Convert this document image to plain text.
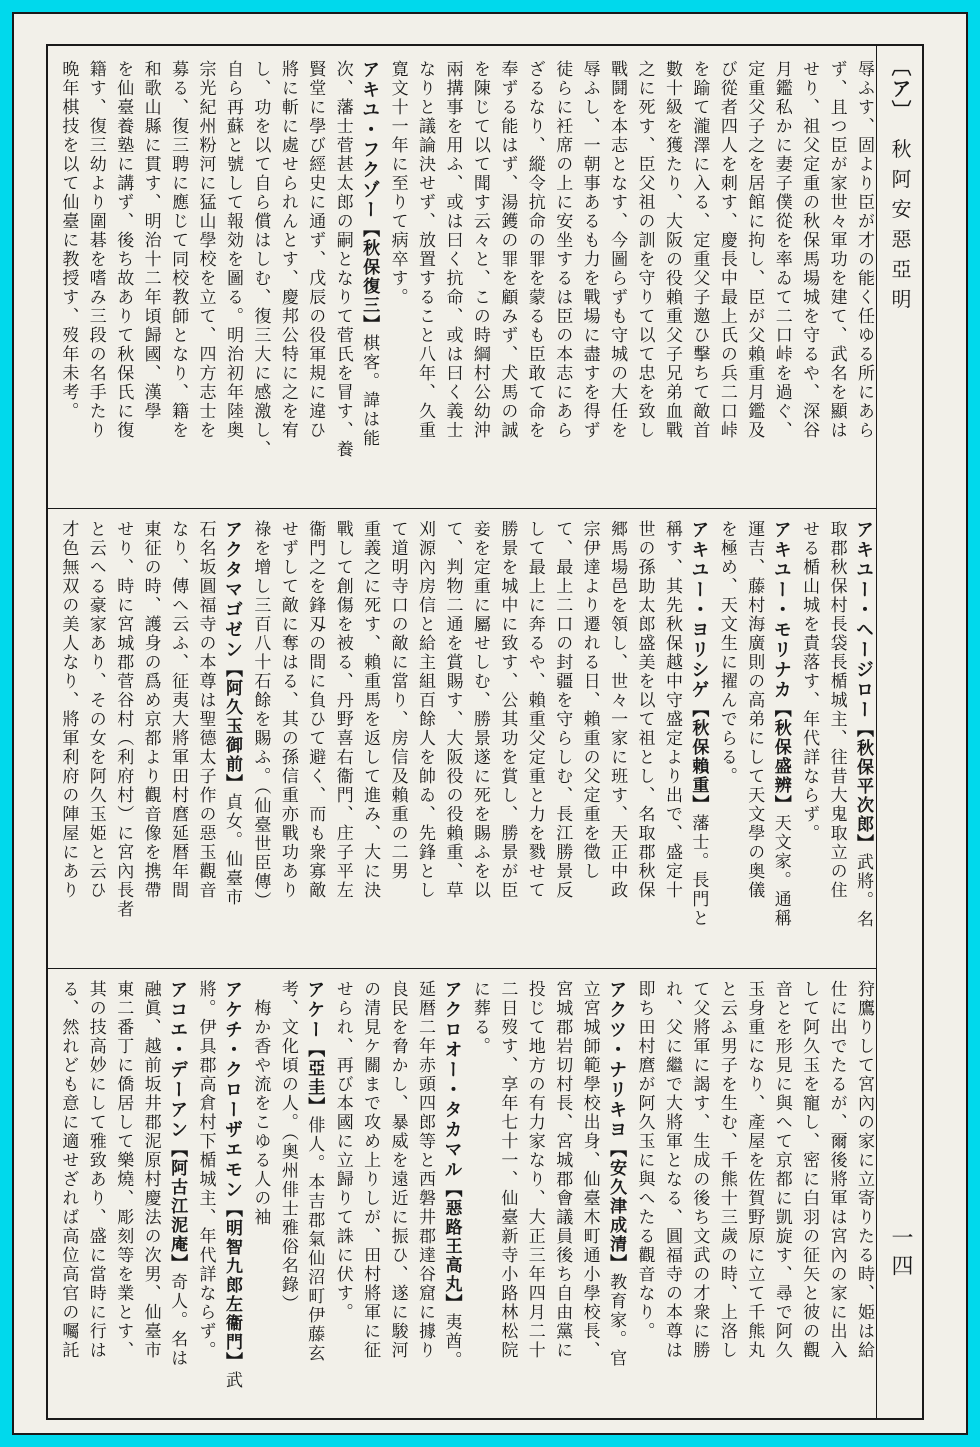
〔ア〕 秋阿安惡亞明
一四
辱ふす、固より臣が才の能く任ゆる所にあら
ず、且つ臣が家世々軍功を建て、武名を顯は
せり、祖父定重の秋保馬場城を守るや、深谷
月鑑私かに妻子僕從を率ゐて二口峠を過ぐ、
定重父子之を居館に拘し、臣が父賴重月鑑及
び從者四人を刺す、慶長中最上氏の兵二口峠
を踰て瀧澤に入る、定重父子邀ひ擊ちて敵首
數十級を獲たり、大阪の役賴重父子兄弟血戰
之に死す、臣父祖の訓を守りて以て忠を致し
戰鬪を本志となす、今圖らずも守城の大任を
辱ふし、一朝事あるも力を戰場に盡すを得ず
徒らに衽席の上に安坐するは臣の本志にあら
ざるなり、縱令抗命の罪を蒙るも臣敢て命を
奉ずる能はず、湯鑊の罪を顧みず、犬馬の誠
を陳じて以て聞す云々と、この時綱村公幼沖
兩搆事を用ふ、或は曰く抗命、或は曰く義士
なりと議論決せず、放置すること八年、久重
寛文十一年に至りて病卒す。
アキユ・フクゾー【秋保復三】棋客。諱は能
次、藩士菅甚太郎の嗣となりて菅氏を冒す、養
賢堂に學び經史に通ず、戊辰の役軍規に違ひ
將に斬に處せられんとす、慶邦公特に之を宥
し、功を以て自ら償はしむ、復三大に感激し、
自ら再蘇と號して報効を圖る。明治初年陸奥
宗光紀州粉河に猛山學校を立て、四方志士を
募る、復三聘に應じて同校教師となり、籍を
和歌山縣に貫す、明治十二年頃歸國、漢學
を仙臺養塾に講ず、後ち故ありて秋保氏に復
籍す、復三幼より圍碁を嗜み三段の名手たり
晩年棋技を以て仙臺に教授す、歿年未考。
アキユー・ヘージロー【秋保平次郎】武將。名
取郡秋保村長袋長楯城主、往昔大鬼取立の住
せる楯山城を責落す、年代詳ならず。
アキユー・モリナカ【秋保盛辨】天文家。通稱
運吉、藤村海廣則の高弟にして天文學の奥儀
を極め、天文生に擢んでらる。
アキユー・ヨリシゲ【秋保賴重】藩士。長門と
稱す、其先秋保越中守盛定より出で、盛定十
世の孫助太郎盛美を以て祖とし、名取郡秋保
郷馬場邑を領し、世々一家に班す、天正中政
宗伊達より遷れる日、賴重の父定重を徵し
て、最上二口の封疆を守らしむ、長江勝景反
して最上に奔るや、賴重父定重と力を戮せて
勝景を城中に致す、公其功を賞し、勝景が臣
妾を定重に屬せしむ、勝景遂に死を賜ふを以
て、判物二通を賞賜す、大阪役の役賴重、草
刈源內房信と給主組百餘人を帥ゐ、先鋒とし
て道明寺口の敵に當り、房信及賴重の二男
重義之に死す、賴重馬を返して進み、大に決
戰して創傷を被る、丹野喜右衞門、庄子平左
衞門之を鋒刄の間に負ひて避く、而も衆寡敵
せずして敵に奪はる、其の孫信重亦戰功あり
祿を增し三百八十石餘を賜ふ。（仙臺世臣傳）
アクタマゴゼン【阿久玉御前】貞女。仙臺市
石名坂圓福寺の本尊は聖德太子作の惡玉觀音
なり、傳へ云ふ、征夷大將軍田村麿延暦年間
東征の時、護身の爲め京都より觀音像を携帶
せり、時に宮城郡菅谷村（利府村）に宮內長者
と云へる豪家あり、その女を阿久玉姫と云ひ
才色無双の美人なり、將軍利府の陣屋にあり
狩鷹りして宮內の家に立寄りたる時、姫は給
仕に出でたるが、爾後將軍は宮內の家に出入
して阿久玉を寵し、密に白羽の征矢と彼の觀
音とを形見に與へて京都に凱旋す、尋で阿久
玉身重になり、產屋を佐賀野原に立て千熊丸
と云ふ男子を生む、千熊十三歲の時、上洛し
て父將軍に謁す、生成の後ち文武の才衆に勝
れ、父に繼で大將軍となる、圓福寺の本尊は
即ち田村麿が阿久玉に與へたる觀音なり。
アクツ・ナリキヨ【安久津成清】教育家。官
立宮城師範學校出身、仙臺木町通小學校長、
宮城郡岩切村長、宮城郡會議員後ち自由黨に
投じて地方の有力家なり、大正三年四月二十
二日歿す、享年七十一、仙臺新寺小路林松院
に葬る。
アクロオー・タカマル【惡路王高丸】夷酋。
延暦二年赤頭四郎等と西磐井郡達谷窟に據り
良民を脅かし、暴威を遠近に振ひ、遂に駿河
の清見ケ關まで攻め上りしが、田村將軍に征
せられ、再び本國に立歸りて誅に伏す。
アケー【亞圭】俳人。本吉郡氣仙沼町伊藤玄
考、文化頃の人。（奥州俳士雅俗名錄）
　梅か香や流をこゆる人の袖
アケチ・クローザエモン【明智九郎左衞門】武
將。伊具郡高倉村下楯城主、年代詳ならず。
アコエ・デーアン【阿古江泥庵】奇人。名は
融眞、越前坂井郡泥原村慶法の次男、仙臺市
東二番丁に僑居して樂燒、彫刻等を業とす、
其の技高妙にして雅致あり、盛に當時に行は
る、然れども意に適せざれば高位高官の囑託
